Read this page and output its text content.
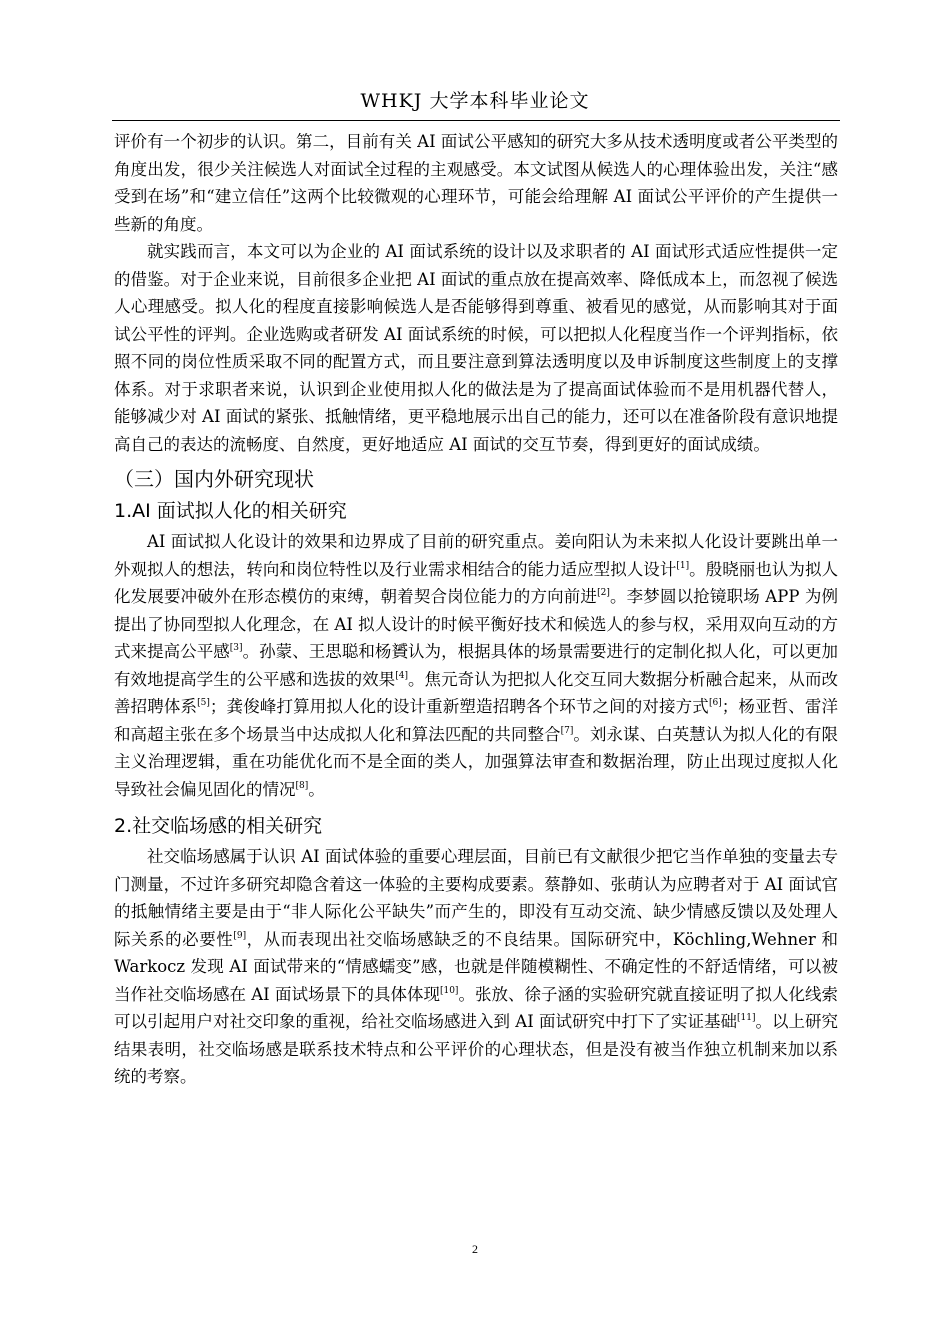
WHKJ 大学本科毕业论文

评价有一个初步的认识。第二，目前有关 AI 面试公平感知的研究大多从技术透明度或者公平类型的角度出发，很少关注候选人对面试全过程的主观感受。本文试图从候选人的心理体验出发，关注“感受到在场”和“建立信任”这两个比较微观的心理环节，可能会给理解 AI 面试公平评价的产生提供一些新的角度。

就实践而言，本文可以为企业的 AI 面试系统的设计以及求职者的 AI 面试形式适应性提供一定的借鉴。对于企业来说，目前很多企业把 AI 面试的重点放在提高效率、降低成本上，而忽视了候选人心理感受。拟人化的程度直接影响候选人是否能够得到尊重、被看见的感觉，从而影响其对于面试公平性的评判。企业选购或者研发 AI 面试系统的时候，可以把拟人化程度当作一个评判指标，依照不同的岗位性质采取不同的配置方式，而且要注意到算法透明度以及申诉制度这些制度上的支撑体系。对于求职者来说，认识到企业使用拟人化的做法是为了提高面试体验而不是用机器代替人，能够减少对 AI 面试的紧张、抵触情绪，更平稳地展示出自己的能力，还可以在准备阶段有意识地提高自己的表达的流畅度、自然度，更好地适应 AI 面试的交互节奏，得到更好的面试成绩。

（三）国内外研究现状
1.AI 面试拟人化的相关研究

AI 面试拟人化设计的效果和边界成了目前的研究重点。姜向阳认为未来拟人化设计要跳出单一外观拟人的想法，转向和岗位特性以及行业需求相结合的能力适应型拟人设计[1]。殷晓丽也认为拟人化发展要冲破外在形态模仿的束缚，朝着契合岗位能力的方向前进[2]。李梦圆以抢镜职场 APP 为例提出了协同型拟人化理念，在 AI 拟人设计的时候平衡好技术和候选人的参与权，采用双向互动的方式来提高公平感[3]。孙蒙、王思聪和杨贇认为，根据具体的场景需要进行的定制化拟人化，可以更加有效地提高学生的公平感和选拔的效果[4]。焦元奇认为把拟人化交互同大数据分析融合起来，从而改善招聘体系[5]；龚俊峰打算用拟人化的设计重新塑造招聘各个环节之间的对接方式[6]；杨亚哲、雷洋和高超主张在多个场景当中达成拟人化和算法匹配的共同整合[7]。刘永谋、白英慧认为拟人化的有限主义治理逻辑，重在功能优化而不是全面的类人，加强算法审查和数据治理，防止出现过度拟人化导致社会偏见固化的情况[8]。

2.社交临场感的相关研究

社交临场感属于认识 AI 面试体验的重要心理层面，目前已有文献很少把它当作单独的变量去专门测量，不过许多研究却隐含着这一体验的主要构成要素。蔡静如、张萌认为应聘者对于 AI 面试官的抵触情绪主要是由于“非人际化公平缺失”而产生的，即没有互动交流、缺少情感反馈以及处理人际关系的必要性[9]，从而表现出社交临场感缺乏的不良结果。国际研究中，Köchling,Wehner 和 Warkocz 发现 AI 面试带来的“情感蠕变”感，也就是伴随模糊性、不确定性的不舒适情绪，可以被当作社交临场感在 AI 面试场景下的具体体现[10]。张放、徐子涵的实验研究就直接证明了拟人化线索可以引起用户对社交印象的重视，给社交临场感进入到 AI 面试研究中打下了实证基础[11]。以上研究结果表明，社交临场感是联系技术特点和公平评价的心理状态，但是没有被当作独立机制来加以系统的考察。

2
